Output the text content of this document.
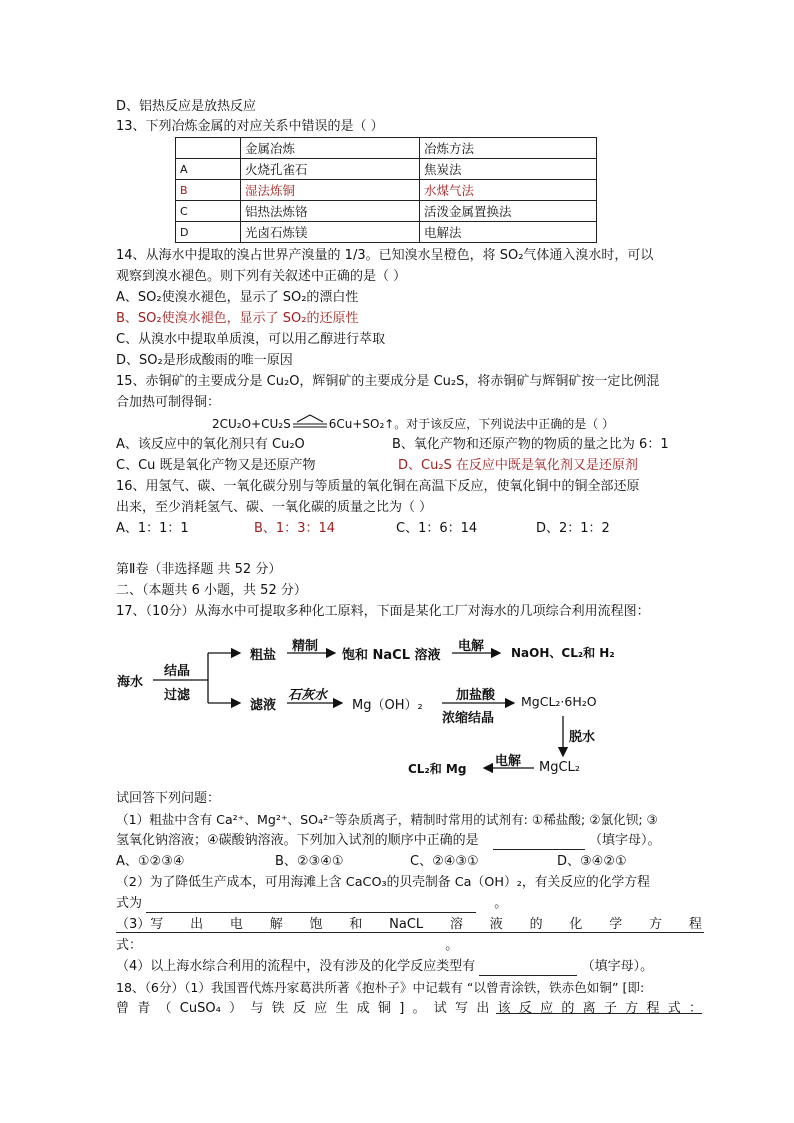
D、铝热反应是放热反应
13、下列冶炼金属的对应关系中错误的是（ ）
	金属冶炼	冶炼方法
A	火烧孔雀石	焦炭法
B	湿法炼铜	水煤气法
C	铝热法炼铬	活泼金属置换法
D	光卤石炼镁	电解法
14、从海水中提取的溴占世界产溴量的 1/3。已知溴水呈橙色，将 SO₂气体通入溴水时，可以
观察到溴水褪色。则下列有关叙述中正确的是（ ）
A、SO₂使溴水褪色，显示了 SO₂的漂白性
B、SO₂使溴水褪色，显示了 SO₂的还原性
C、从溴水中提取单质溴，可以用乙醇进行萃取
D、SO₂是形成酸雨的唯一原因
15、赤铜矿的主要成分是 Cu₂O，辉铜矿的主要成分是 Cu₂S，将赤铜矿与辉铜矿按一定比例混
合加热可制得铜：
2CU₂O+CU₂S	6Cu+SO₂↑。对于该反应，下列说法中正确的是（ ）
A、该反应中的氧化剂只有 Cu₂O	B、氧化产物和还原产物的物质的量之比为 6：1
C、Cu 既是氧化产物又是还原产物	D、Cu₂S 在反应中既是氧化剂又是还原剂
16、用氢气、碳、一氧化碳分别与等质量的氧化铜在高温下反应，使氧化铜中的铜全部还原
出来，至少消耗氢气、碳、一氧化碳的质量之比为（ ）
A、1：1：1	B、1：3：14	C、1：6：14	D、2：1：2
第Ⅱ卷（非选择题 共 52 分）
二、（本题共 6 小题，共 52 分）
17、（10分）从海水中可提取多种化工原料，下面是某化工厂对海水的几项综合利用流程图：
海水
结晶
过滤
粗盐
精制
饱和 NaCL 溶液
电解 NaOH、CL₂和 H₂
滤液
石灰水
Mg（OH）₂
加盐酸
浓缩结晶
MgCL₂·6H₂O
脱水
MgCL₂
电解
CL₂和 Mg
试回答下列问题：
（1）粗盐中含有 Ca²⁺、Mg²⁺、SO₄²⁻等杂质离子，精制时常用的试剂有: ①稀盐酸; ②氯化钡; ③
氢氧化钠溶液；④碳酸钠溶液。下列加入试剂的顺序中正确的是	（填字母）。
A、①②③④	B、②③④①	C、②④③①	D、③④②①
（2）为了降低生产成本，可用海滩上含 CaCO₃的贝壳制备 Ca（OH）₂，有关反应的化学方程
式为	。
（3）写 出 电 解 饱 和 NaCL 溶 液 的 化 学 方 程
式：	。
（4）以上海水综合利用的流程中，没有涉及的化学反应类型有	（填字母）。
18、（6分）（1）我国晋代炼丹家葛洪所著《抱朴子》中记载有 “以曾青涂铁，铁赤色如铜” [即:
曾 青 （ CuSO₄ ） 与 铁 反 应 生 成 铜 ] 。 试 写 出 该 反 应 的 离 子 方 程 式 ：
